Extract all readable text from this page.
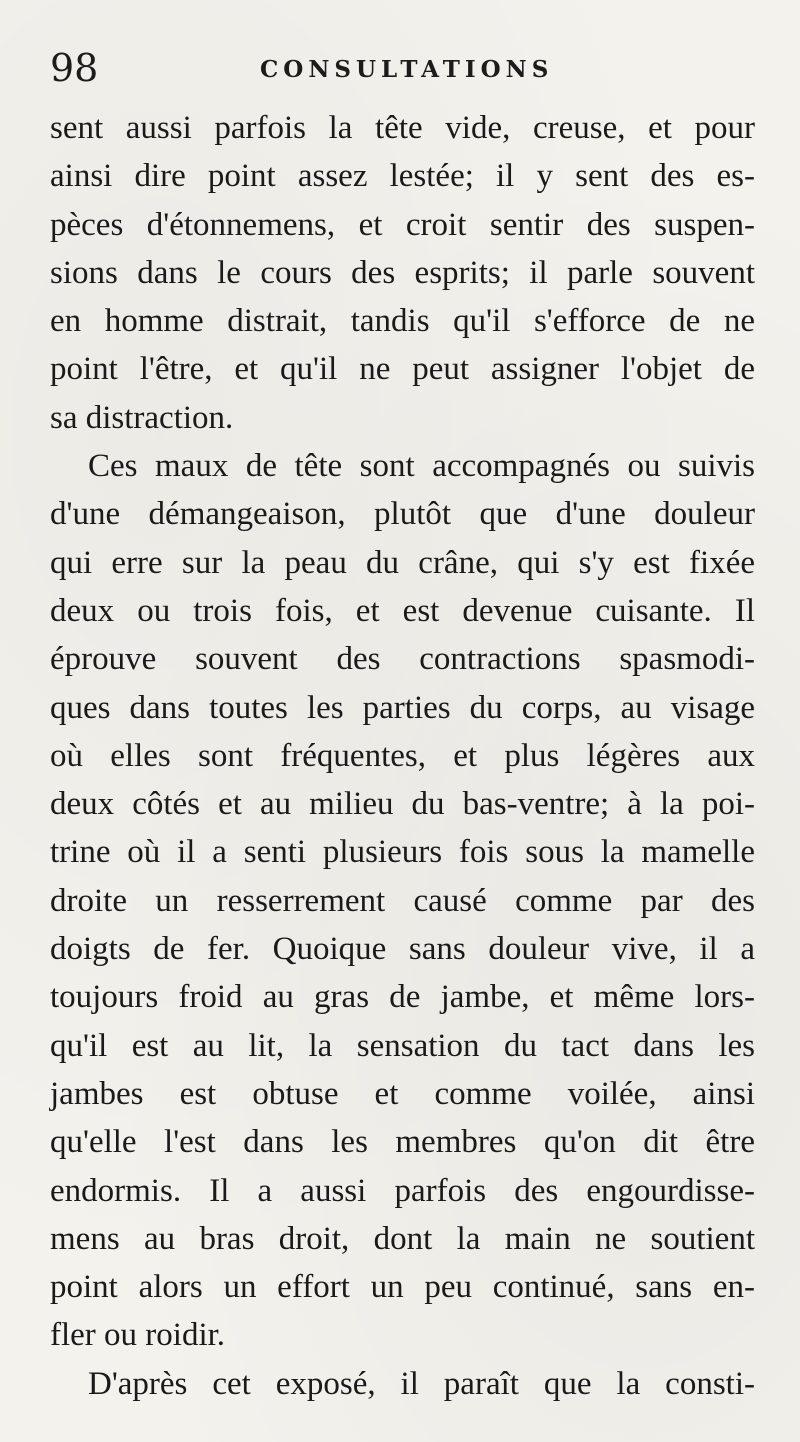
98	CONSULTATIONS
sent aussi parfois la tête vide, creuse, et pour
ainsi dire point assez lestée; il y sent des es-
pèces d'étonnemens, et croit sentir des suspen-
sions dans le cours des esprits; il parle souvent
en homme distrait, tandis qu'il s'efforce de ne
point l'être, et qu'il ne peut assigner l'objet de
sa distraction.
Ces maux de tête sont accompagnés ou suivis
d'une démangeaison, plutôt que d'une douleur
qui erre sur la peau du crâne, qui s'y est fixée
deux ou trois fois, et est devenue cuisante. Il
éprouve souvent des contractions spasmodi-
ques dans toutes les parties du corps, au visage
où elles sont fréquentes, et plus légères aux
deux côtés et au milieu du bas-ventre; à la poi-
trine où il a senti plusieurs fois sous la mamelle
droite un resserrement causé comme par des
doigts de fer. Quoique sans douleur vive, il a
toujours froid au gras de jambe, et même lors-
qu'il est au lit, la sensation du tact dans les
jambes est obtuse et comme voilée, ainsi
qu'elle l'est dans les membres qu'on dit être
endormis. Il a aussi parfois des engourdisse-
mens au bras droit, dont la main ne soutient
point alors un effort un peu continué, sans en-
fler ou roidir.
D'après cet exposé, il paraît que la consti-
